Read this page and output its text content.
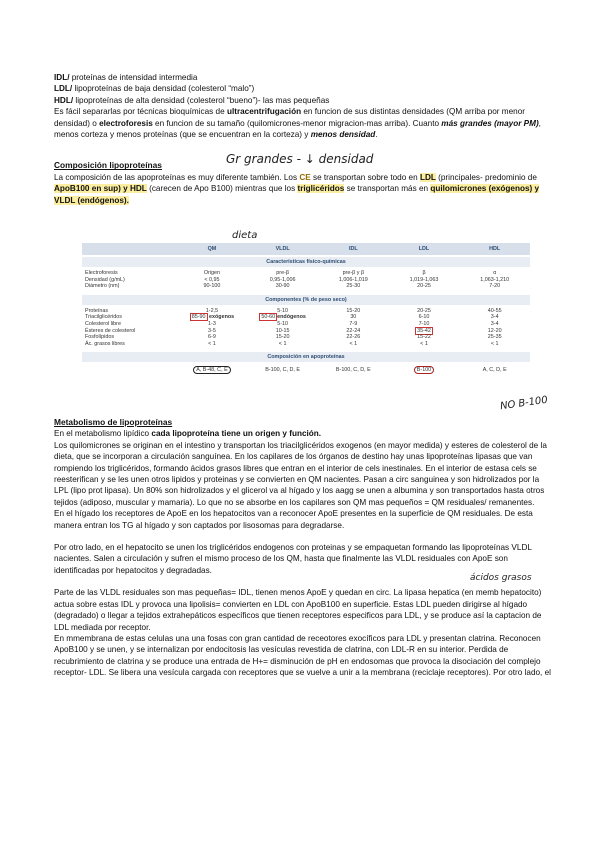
IDL/ proteínas de intensidad intermedia

LDL/ lipoproteínas de baja densidad (colesterol “malo”)

HDL/ lipoproteínas de alta densidad (colesterol “bueno”)- las mas pequeñas

Es fácil separarlas por técnicas bioquímicas de ultracentrifugación en funcion de sus distintas densidades (QM arriba por menor densidad) o electroforesis en funcion de su tamaño (quilomicrones-menor migracion-mas arriba). Cuanto más grandes (mayor PM), menos corteza y menos proteínas (que se encuentran en la corteza) y menos densidad.

Composición lipoproteínas

La composición de las apoproteínas es muy diferente también. Los CE se transportan sobre todo en LDL (principales- predominio de ApoB100 en sup) y HDL (carecen de Apo B100) mientras que los triglicéridos se transportan más en quilomicrones (exógenos) y VLDL (endógenos).

Gr grandes - ↓ densidad
dieta
QM	VLDL	IDL	LDL	HDL
Características físico-químicas
Electroforesis	Origen	pre-β	pre-β y β	β	α
Densidad (g/mL)	< 0,95	0,95-1,006	1,006-1,019	1,019-1,063	1,063-1,210
Diámetro (nm)	90-100	30-90	25-30	20-25	7-20
Componentes (% de peso seco)
Proteínas	1-2,5	5-10	15-20	20-25	40-55
Triacilglicéridos	85-90 exógenos	50-60 endógenos	30	6-10	3-4
Colesterol libre	1-3	5-10	7-9	7-10	3-4
Ésteres de colesterol	3-5	10-15	22-24	35-42	12-20
Fosfolípidos	6-9	15-20	22-26	15-22	25-35
Ác. grasos libres	< 1	< 1	< 1	< 1	< 1
Composición en apoproteínas
A, B-48, C, E	B-100, C, D, E	B-100, C, D, E	B-100	A, C, D, E
NO B-100

Metabolismo de lipoproteínas

En el metabolismo lipídico cada lipoproteína tiene un origen y función.

Los quilomicrones se originan en el intestino y transportan los triacilglicéridos exogenos (en mayor medida) y esteres de colesterol de la dieta, que se incorporan a circulación sanguínea. En los capilares de los órganos de destino hay unas lipoproteínas lipasas que van rompiendo los triglicéridos, formando ácidos grasos libres que entran en el interior de cels inestinales. En el interior de estasa cels se reesterifican y se les unen otros lipidos y proteinas y se convierten en QM nacientes. Pasan a circ sanguinea y son hidrolizados por la LPL (lipo prot lipasa). Un 80% son hidrolizados y el glicerol va al hígado y los aagg se unen a albumina y son transportados hasta otros tejidos (adiposo, muscular y mamaria). Lo que no se absorbe en los capilares son QM mas pequeños = QM residuales/ remanentes.

En el hígado los receptores de ApoE en los hepatocitos van a reconocer ApoE presentes en la superficie de QM residuales. De esta manera entran los TG al hígado y son captados por lisosomas para degradarse.

Por otro lado, en el hepatocito se unen los triglicéridos endogenos con proteinas y se empaquetan formando las lipoproteínas VLDL nacientes. Salen a circulación y sufren el mismo proceso de los QM, hasta que finalmente las VLDL residuales con ApoE son identificadas por hepatocitos y degradadas.

Parte de las VLDL residuales son mas pequeñas= IDL, tienen menos ApoE y quedan en circ. La lipasa hepatica (en memb hepatocito) actua sobre estas IDL y provoca una lipolisis= convierten en LDL con ApoB100 en superficie. Estas LDL pueden dirigirse al hígado (degradado) o llegar a tejidos extrahepáticos específicos que tienen receptores especificos para LDL, y se produce así la captacion de LDL mediada por receptor.

En mmembrana de estas celulas una una fosas con gran cantidad de receotores exocíficos para LDL y presentan clatrina. Reconocen ApoB100 y se unen, y se internalizan por endocitosis las vesículas revestida de clatrina, con LDL-R en su interior. Perdida de recubrimiento de clatrina y se produce una entrada de H+= disminución de pH en endosomas que provoca la disociación del complejo receptor- LDL. Se libera una vesícula cargada con receptores que se vuelve a unir a la membrana (reciclaje receptores). Por otro lado, el

ácidos grasos
